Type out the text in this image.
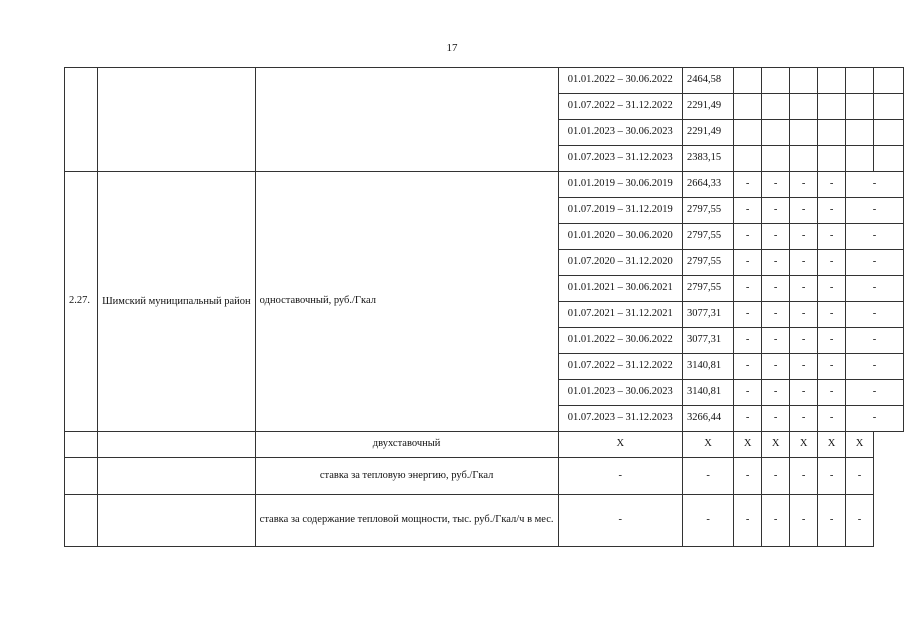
17
			01.01.2022 – 30.06.2022	2464,58						
			01.07.2022 – 31.12.2022	2291,49						
			01.01.2023 – 30.06.2023	2291,49						
			01.07.2023 – 31.12.2023	2383,15						
2.27.	Шимский муниципальный район	одноставочный, руб./Гкал	01.01.2019 – 30.06.2019	2664,33	-	-	-	-	-	
			01.07.2019 – 31.12.2019	2797,55	-	-	-	-	-	
			01.01.2020 – 30.06.2020	2797,55	-	-	-	-	-	
			01.07.2020 – 31.12.2020	2797,55	-	-	-	-	-	
			01.01.2021 – 30.06.2021	2797,55	-	-	-	-	-	
			01.07.2021 – 31.12.2021	3077,31	-	-	-	-	-	
			01.01.2022 – 30.06.2022	3077,31	-	-	-	-	-	
			01.07.2022 – 31.12.2022	3140,81	-	-	-	-	-	
			01.01.2023 – 30.06.2023	3140,81	-	-	-	-	-	
			01.07.2023 – 31.12.2023	3266,44	-	-	-	-	-	
		двухставочный	X	X	X	X	X	X	X	
		ставка за тепловую энергию, руб./Гкал	-	-	-	-	-	-	-	
		ставка за содержание тепловой мощности, тыс. руб./Гкал/ч в мес.	-	-	-	-	-	-	-	
